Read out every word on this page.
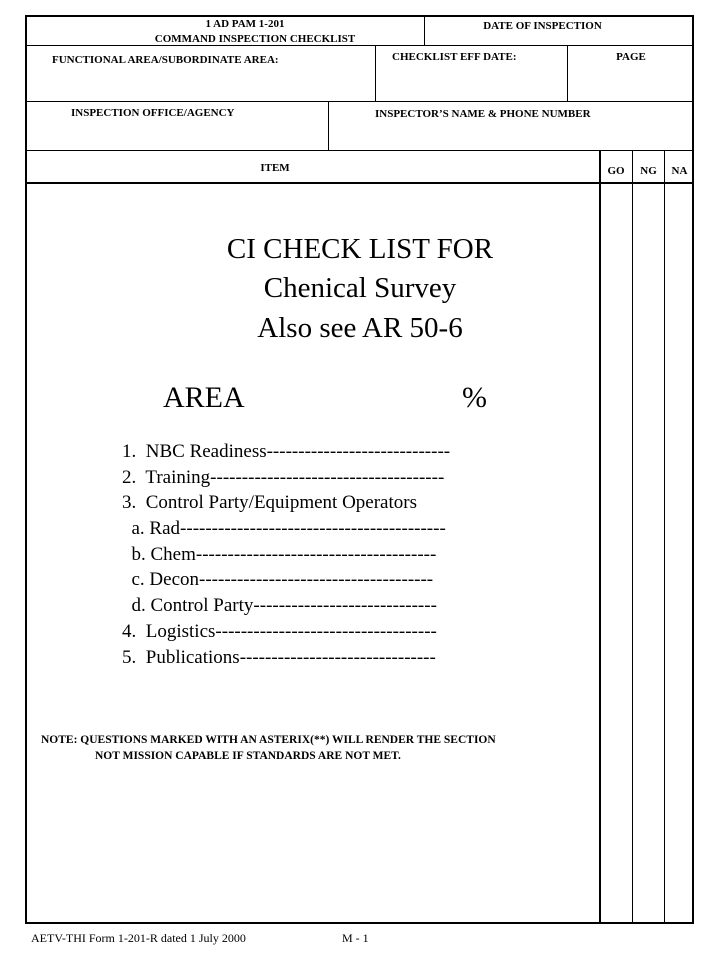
1 AD PAM 1-201
COMMAND INSPECTION CHECKLIST
DATE OF INSPECTION
FUNCTIONAL AREA/SUBORDINATE AREA:	CHECKLIST EFF DATE:	PAGE
INSPECTION OFFICE/AGENCY	INSPECTOR’S NAME & PHONE NUMBER
ITEM	GO	NG	NA
CI CHECK LIST FOR
Chenical Survey
Also see AR 50-6
AREA	%
1.  NBC Readiness-----------------------------
2.  Training-------------------------------------
3.  Control Party/Equipment Operators
a. Rad------------------------------------------
b. Chem--------------------------------------
c. Decon-------------------------------------
d. Control Party-----------------------------
4.  Logistics-----------------------------------
5.  Publications-------------------------------
NOTE: QUESTIONS MARKED WITH AN ASTERIX(**) WILL RENDER THE SECTION
NOT MISSION CAPABLE IF STANDARDS ARE NOT MET.
AETV-THI Form 1-201-R dated 1 July 2000	M - 1
